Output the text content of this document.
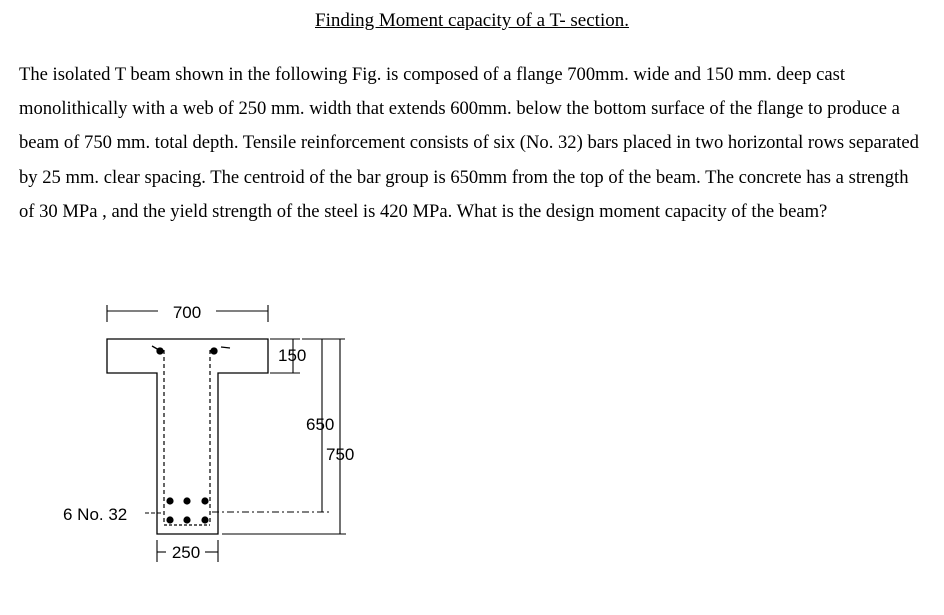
Finding Moment capacity of a T- section.

The isolated T beam shown in the following Fig. is composed of a flange 700mm. wide and 150 mm. deep cast monolithically with a web of 250 mm. width that extends 600mm. below the bottom surface of the flange to produce a beam of 750 mm. total depth. Tensile reinforcement consists of six (No. 32) bars placed in two horizontal rows separated by 25 mm. clear spacing. The centroid of the bar group is 650mm from the top of the beam. The concrete has a strength of 30 MPa , and the yield strength of the steel is 420 MPa. What is the design moment capacity of the beam?

700
150
650
750
250
6 No. 32
